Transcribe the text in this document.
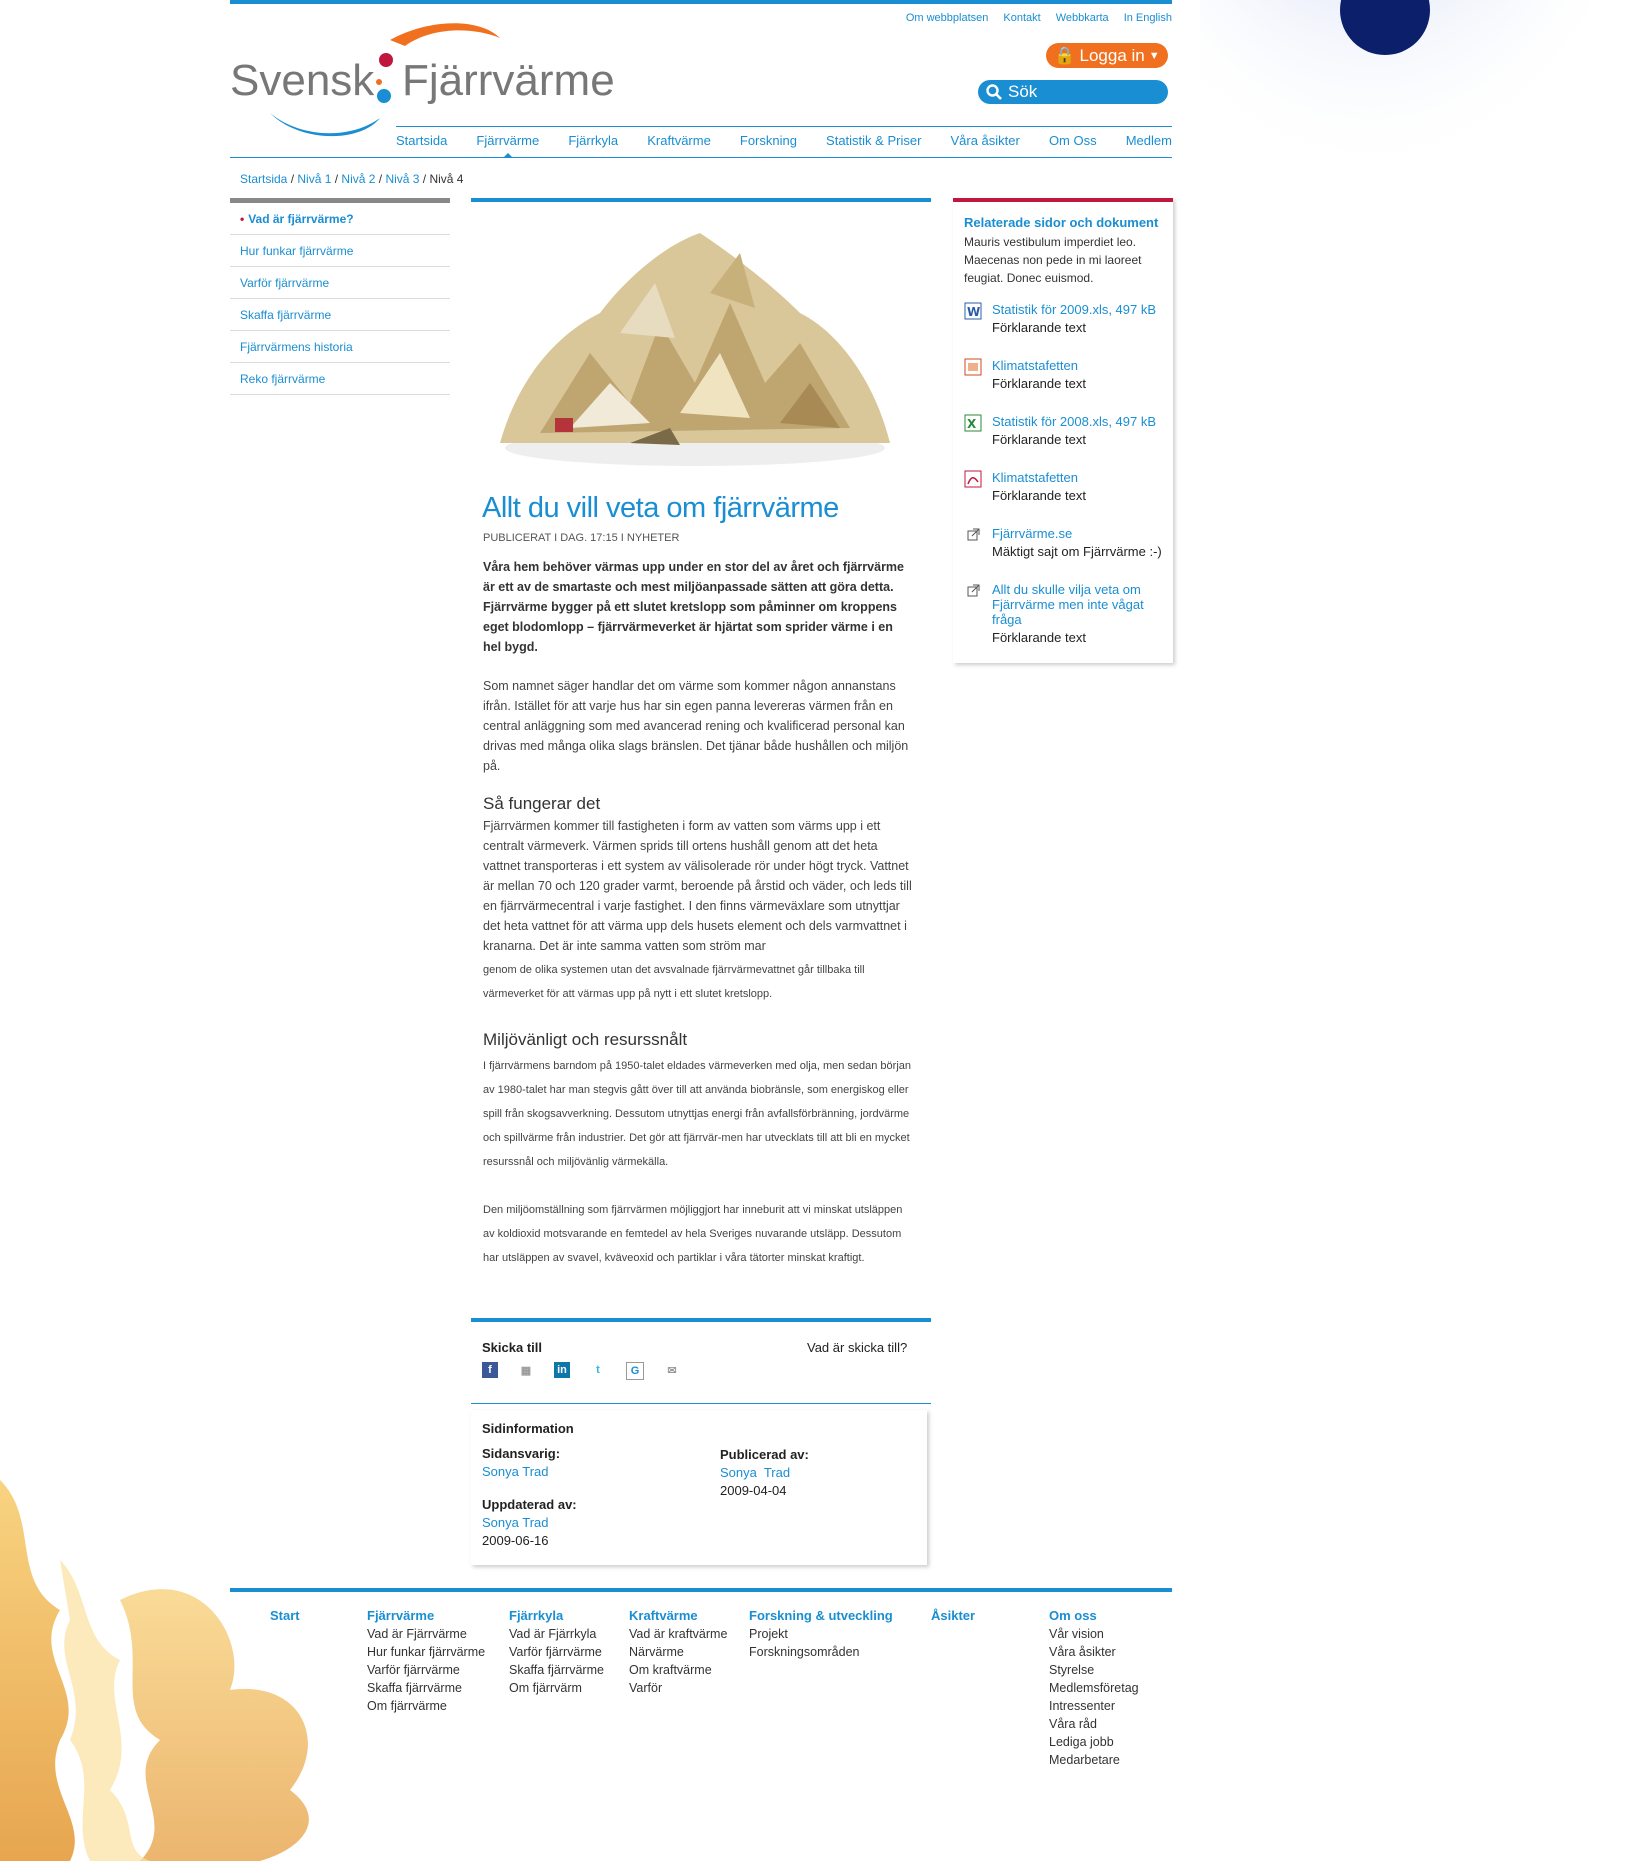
Om webbplatsen Kontakt Webbkarta In English
Svensk Fjärrvärme
🔒 Logga in ▼
Sök
Startsida Fjärrvärme Fjärrkyla Kraftvärme Forskning Statistik & Priser Våra åsikter Om Oss Medlem
Startsida / Nivå 1 / Nivå 2 / Nivå 3 / Nivå 4
• Vad är fjärrvärme?
Hur funkar fjärrvärme
Varför fjärrvärme
Skaffa fjärrvärme
Fjärrvärmens historia
Reko fjärrvärme
Allt du vill veta om fjärrvärme
PUBLICERAT I DAG. 17:15 I NYHETER

Våra hem behöver värmas upp under en stor del av året och fjärrvärme är ett av de smartaste och mest miljöanpassade sätten att göra detta. Fjärrvärme bygger på ett slutet kretslopp som påminner om kroppens eget blodomlopp – fjärrvärmeverket är hjärtat som sprider värme i en hel bygd.

Som namnet säger handlar det om värme som kommer någon annanstans ifrån. Istället för att varje hus har sin egen panna levereras värmen från en central anläggning som med avancerad rening och kvalificerad personal kan drivas med många olika slags bränslen. Det tjänar både hushållen och miljön på.

Så fungerar det

Fjärrvärmen kommer till fastigheten i form av vatten som värms upp i ett centralt värmeverk. Värmen sprids till ortens hushåll genom att det heta vattnet transporteras i ett system av välisolerade rör under högt tryck. Vattnet är mellan 70 och 120 grader varmt, beroende på årstid och väder, och leds till en fjärrvärmecentral i varje fastighet. I den finns värmeväxlare som utnyttjar det heta vattnet för att värma upp dels husets element och dels varmvattnet i kranarna. Det är inte samma vatten som ström mar

genom de olika systemen utan det avsvalnade fjärrvärmevattnet går tillbaka till värmeverket för att värmas upp på nytt i ett slutet kretslopp.

Miljövänligt och resurssnålt

I fjärrvärmens barndom på 1950-talet eldades värmeverken med olja, men sedan början av 1980-talet har man stegvis gått över till att använda biobränsle, som energiskog eller spill från skogsavverkning. Dessutom utnyttjas energi från avfallsförbränning, jordvärme och spillvärme från industrier. Det gör att fjärrvär-men har utvecklats till att bli en mycket resurssnål och miljövänlig värmekälla.

Den miljöomställning som fjärrvärmen möjliggjort har inneburit att vi minskat utsläppen av koldioxid motsvarande en femtedel av hela Sveriges nuvarande utsläpp. Dessutom har utsläppen av svavel, kväveoxid och partiklar i våra tätorter minskat kraftigt.

Skicka till	Vad är skicka till?
f	▦ in	t	G	✉
Sidinformation
Sidansvarig:
Sonya Trad
Publicerad av:
Sonya  Trad
2009-04-04
Uppdaterad av:
Sonya Trad
2009-06-16
Relaterade sidor och dokument
Mauris vestibulum imperdiet leo. Maecenas non pede in mi laoreet feugiat. Donec euismod.
W Statistik för 2009.xls, 497 kB
Förklarande text
Klimatstafetten
Förklarande text
X Statistik för 2008.xls, 497 kB
Förklarande text
Klimatstafetten
Förklarande text
Fjärrvärme.se
Mäktigt sajt om Fjärrvärme :-)
Allt du skulle vilja veta om Fjärrvärme men inte vågat fråga
Förklarande text
Start	Fjärrvärme
Vad är Fjärrvärme
Hur funkar fjärrvärme
Varför fjärrvärme
Skaffa fjärrvärme
Om fjärrvärme
Fjärrkyla
Vad är Fjärrkyla
Varför fjärrvärme
Skaffa fjärrvärme
Om fjärrvärm
Kraftvärme
Vad är kraftvärme
Närvärme
Om kraftvärme
Varför
Forskning & utveckling
Projekt
Forskningsområden
Åsikter	Om oss
Vår vision
Våra åsikter
Styrelse
Medlemsföretag
Intressenter
Våra råd
Lediga jobb
Medarbetare
